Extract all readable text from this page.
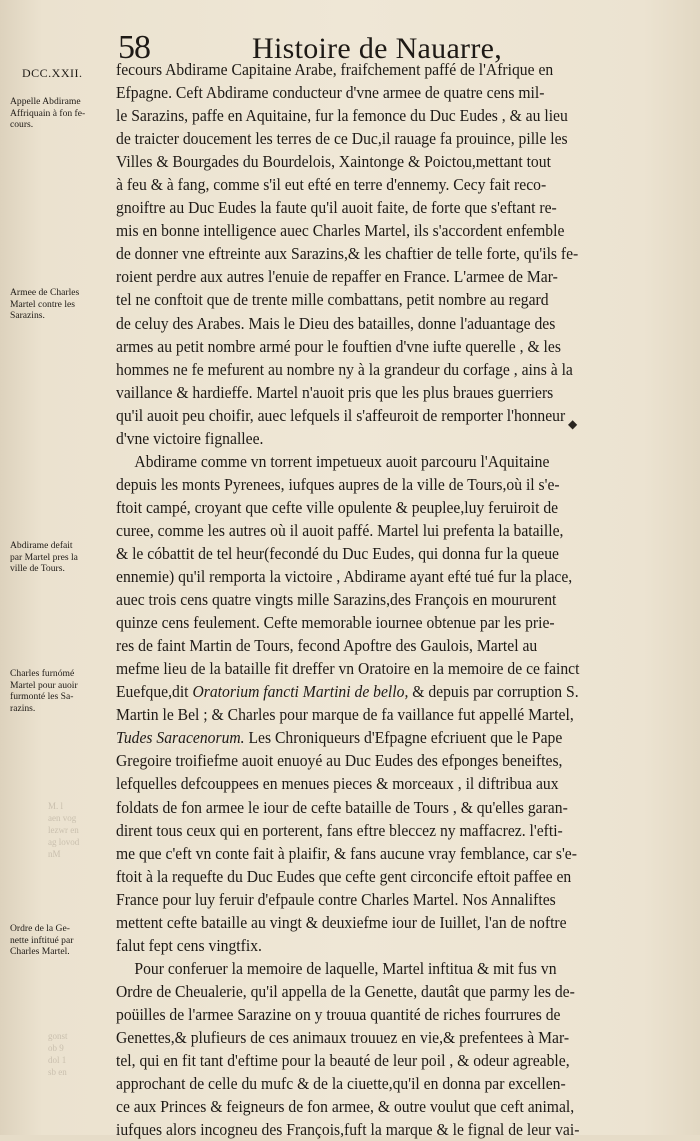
58	Histoire de Nauarre,
DCC.XXII.
Appelle Abdirame
Affriquain à fon fe-
cours.
Armee de Charles
Martel contre les
Sarazins.
Abdirame defait
par Martel pres la
ville de Tours.
Charles furnómé
Martel pour auoir
furmonté les Sa-
razins.
Ordre de la Ge-
nette inftitué par
Charles Martel.
M. l
aen vog
lezwr en
ag lovod
nM
gonst
ob 9
dol 1
sb en
fecours Abdirame Capitaine Arabe, fraifchement paffé de l'Afrique en
Efpagne. Ceft Abdirame conducteur d'vne armee de quatre cens mil-
le Sarazins, paffe en Aquitaine, fur la femonce du Duc Eudes , & au lieu
de traicter doucement les terres de ce Duc,il rauage fa prouince, pille les
Villes & Bourgades du Bourdelois, Xaintonge & Poictou,mettant tout
à feu & à fang, comme s'il eut efté en terre d'ennemy. Cecy fait reco-
gnoiftre au Duc Eudes la faute qu'il auoit faite, de forte que s'eftant re-
mis en bonne intelligence auec Charles Martel, ils s'accordent enfemble
de donner vne eftreinte aux Sarazins,& les chaftier de telle forte, qu'ils fe-
roient perdre aux autres l'enuie de repaffer en France. L'armee de Mar-
tel ne conftoit que de trente mille combattans, petit nombre au regard
de celuy des Arabes. Mais le Dieu des batailles, donne l'aduantage des
armes au petit nombre armé pour le fouftien d'vne iufte querelle , & les
hommes ne fe mefurent au nombre ny à la grandeur du corfage , ains à la
vaillance & hardieffe. Martel n'auoit pris que les plus braues guerriers
qu'il auoit peu choifir, auec lefquels il s'affeuroit de remporter l'honneur
d'vne victoire fignallee.
Abdirame comme vn torrent impetueux auoit parcouru l'Aquitaine
depuis les monts Pyrenees, iufques aupres de la ville de Tours,où il s'e-
ftoit campé, croyant que cefte ville opulente & peuplee,luy feruiroit de
curee, comme les autres où il auoit paffé. Martel lui prefenta la bataille,
& le cóbattit de tel heur(fecondé du Duc Eudes, qui donna fur la queue
ennemie) qu'il remporta la victoire , Abdirame ayant efté tué fur la place,
auec trois cens quatre vingts mille Sarazins,des François en moururent
quinze cens feulement. Cefte memorable iournee obtenue par les prie-
res de faint Martin de Tours, fecond Apoftre des Gaulois, Martel au
mefme lieu de la bataille fit dreffer vn Oratoire en la memoire de ce fainct
Euefque,dit Oratorium fancti Martini de bello, & depuis par corruption S.
Martin le Bel ; & Charles pour marque de fa vaillance fut appellé Martel,
Tudes Saracenorum. Les Chroniqueurs d'Efpagne efcriuent que le Pape
Gregoire troifiefme auoit enuoyé au Duc Eudes des efponges beneiftes,
lefquelles defcouppees en menues pieces & morceaux , il diftribua aux
foldats de fon armee le iour de cefte bataille de Tours , & qu'elles garan-
dirent tous ceux qui en porterent, fans eftre bleccez ny maffacrez. l'efti-
me que c'eft vn conte fait à plaifir, & fans aucune vray femblance, car s'e-
ftoit à la requefte du Duc Eudes que cefte gent circoncife eftoit paffee en
France pour luy feruir d'efpaule contre Charles Martel. Nos Annaliftes
mettent cefte bataille au vingt & deuxiefme iour de Iuillet, l'an de noftre
falut fept cens vingtfix.
Pour conferuer la memoire de laquelle, Martel inftitua & mit fus vn
Ordre de Cheualerie, qu'il appella de la Genette, dautât que parmy les de-
poüilles de l'armee Sarazine on y trouua quantité de riches fourrures de
Genettes,& plufieurs de ces animaux trouuez en vie,& prefentees à Mar-
tel, qui en fit tant d'eftime pour la beauté de leur poil , & odeur agreable,
approchant de celle du mufc & de la ciuette,qu'il en donna par excellen-
ce aux Princes & feigneurs de fon armee, & outre voulut que ceft animal,
iufques alors incogneu des François,fuft la marque & le fignal de leur vai-
◆
